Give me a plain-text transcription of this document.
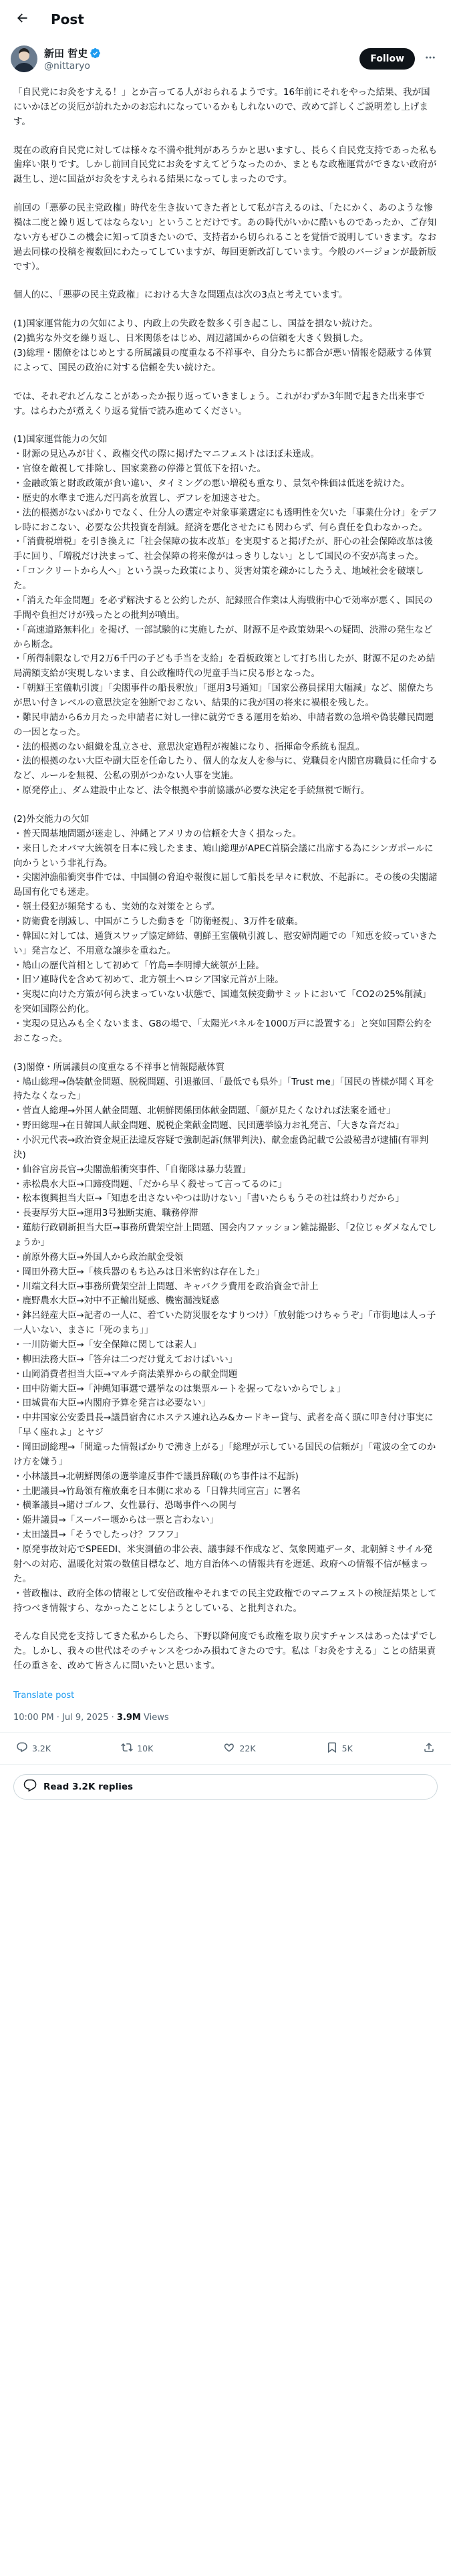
Post
新田 哲史
@nittaryo
Follow

「自民党にお灸をすえる！」とか言ってる人がおられるようです。16年前にそれをやった結果、我が国にいかほどの災厄が訪れたかのお忘れになっているかもしれないので、改めて詳しくご説明差し上げます。

現在の政府自民党に対しては様々な不満や批判があろうかと思いますし、長らく自民党支持であった私も歯痒い限りです。しかし前回自民党にお灸をすえてどうなったのか、まともな政権運営ができない政府が誕生し、逆に国益がお灸をすえられる結果になってしまったのです。

前回の「悪夢の民主党政権」時代を生き抜いてきた者として私が言えるのは、「たにかく、あのような惨禍は二度と繰り返してはならない」ということだけです。あの時代がいかに酷いものであったか、ご存知ない方もぜひこの機会に知って頂きたいので、支持者から切られることを覚悟で説明していきます。なお過去同様の投稿を複数回にわたってしていますが、毎回更新改訂しています。今般のバージョンが最新版です）。

個人的に、「悪夢の民主党政権」における大きな問題点は次の3点と考えています。

(1)国家運営能力の欠如により、内政上の失政を数多く引き起こし、国益を損ない続けた。
(2)拙劣な外交を繰り返し、日米関係をはじめ、周辺諸国からの信頼を大きく毀損した。
(3)総理・閣僚をはじめとする所属議員の度重なる不祥事や、自分たちに都合が悪い情報を隠蔽する体質によって、国民の政治に対する信頼を失い続けた。

では、それぞれどんなことがあったか振り返っていきましょう。これがわずか3年間で起きた出来事です。はらわたが煮えくり返る覚悟で読み進めてください。

(1)国家運営能力の欠如
・財源の見込みが甘く、政権交代の際に掲げたマニフェストはほぼ未達成。
・官僚を敵視して排除し、国家業務の停滞と質低下を招いた。
・金融政策と財政政策が食い違い、タイミングの悪い増税も重なり、景気や株価は低迷を続けた。
・歴史的水準まで進んだ円高を放置し、デフレを加速させた。
・法的根拠がないばかりでなく、仕分人の選定や対象事業選定にも透明性を欠いた「事業仕分け」をデフレ時におこない、必要な公共投資を削減。経済を悪化させたにも関わらず、何ら責任を負わなかった。
・「消費税増税」を引き換えに「社会保障の抜本改革」を実現すると掲げたが、肝心の社会保障改革は後手に回り、「増税だけ決まって、社会保障の将来像がはっきりしない」として国民の不安が高まった。
・「コンクリートから人へ」という誤った政策により、災害対策を疎かにしたうえ、地域社会を破壊した。
・「消えた年金問題」を必ず解決すると公約したが、記録照合作業は人海戦術中心で効率が悪く、国民の手間や負担だけが残ったとの批判が噴出。
・「高速道路無料化」を掲げ、一部試験的に実施したが、財源不足や政策効果への疑問、渋滞の発生などから断念。
・「所得制限なしで月2万6千円の子ども手当を支給」を看板政策として打ち出したが、財源不足のため結局満額支給が実現しないまま、自公政権時代の児童手当に戻る形となった。
・「朝鮮王室儀軌引渡」「尖閣事件の船長釈放」「運用3号通知」「国家公務員採用大幅減」など、閣僚たちが思い付きレベルの意思決定を独断でおこない、結果的に我が国の将来に禍根を残した。
・難民申請から6カ月たった申請者に対し一律に就労できる運用を始め、申請者数の急増や偽装難民問題の一因となった。
・法的根拠のない組織を乱立させ、意思決定過程が複雑になり、指揮命令系統も混乱。
・法的根拠のない大臣や副大臣を任命したり、個人的な友人を参与に、党職員を内閣官房職員に任命するなど、ルールを無視、公私の別がつかない人事を実施。
・原発停止」、ダム建設中止など、法令根拠や事前協議が必要な決定を手続無視で断行。

(2)外交能力の欠如
・普天間基地問題が迷走し、沖縄とアメリカの信頼を大きく損なった。
・来日したオバマ大統領を日本に残したまま、鳩山総理がAPEC首脳会議に出席する為にシンガポールに向かうという非礼行為。
・尖閣沖漁船衝突事件では、中国側の脅迫や報復に屈して船長を早々に釈放、不起訴に。その後の尖閣諸島国有化でも迷走。
・領土侵犯が頻発するも、実効的な対策をとらず。
・防衛費を削減し、中国がこうした動きを「防衛軽視」、3万件を破棄。
・韓国に対しては、通貨スワップ協定締結、朝鮮王室儀軌引渡し、慰安婦問題での「知恵を絞っていきたい」発言など、不用意な譲歩を重ねた。
・鳩山の歴代首相として初めて「竹島=李明博大統領が上陸。
・旧ソ連時代を含めて初めて、北方領土へロシア国家元首が上陸。
・実現に向けた方策が何ら決まっていない状態で、国連気候変動サミットにおいて「CO2の25%削減」を突如国際公約化。
・実現の見込みも全くないまま、G8の場で、「太陽光パネルを1000万戸に設置する」と突如国際公約をおこなった。

(3)閣僚・所属議員の度重なる不祥事と情報隠蔽体質
・鳩山総理→偽装献金問題、脱税問題、引退撤回、「最低でも県外」「Trust me」「国民の皆様が聞く耳を持たなくなった」
・菅直人総理→外国人献金問題、北朝鮮関係団体献金問題、「顔が見たくなければ法案を通せ」
・野田総理→在日韓国人献金問題、脱税企業献金問題、民団選挙協力お礼発言、「大きな音だね」
・小沢元代表→政治資金規正法違反容疑で強制起訴(無罪判決)、献金虚偽記載で公設秘書が逮捕(有罪判決)
・仙谷官房長官→尖閣漁船衝突事件、「自衛隊は暴力装置」
・赤松農水大臣→口蹄疫問題、「だから早く殺せって言ってるのに」
・松本復興担当大臣→「知恵を出さないやつは助けない」「書いたらもうその社は終わりだから」
・長妻厚労大臣→運用3号独断実施、職務停滞
・蓮舫行政刷新担当大臣→事務所費架空計上問題、国会内ファッション雑誌撮影、「2位じゃダメなんでしょうか」
・前原外務大臣→外国人から政治献金受領
・岡田外務大臣→「核兵器のもち込みは日米密約は存在した」
・川端文科大臣→事務所費架空計上問題、キャバクラ費用を政治資金で計上
・鹿野農水大臣→対中不正輸出疑惑、機密漏洩疑惑
・鉢呂経産大臣→記者の一人に、着ていた防災服をなすりつけ）「放射能つけちゃうぞ」「市街地は人っ子一人いない、まさに「死のまち」」
・一川防衛大臣→「安全保障に関しては素人」
・柳田法務大臣→「答弁は二つだけ覚えておけばいい」
・山岡消費者担当大臣→マルチ商法業界からの献金問題
・田中防衛大臣→「沖縄知事選で選挙なのは集票ルートを握ってないからでしょ」
・田城貴布大臣→内閣府予算を発言は必要ない」
・中井国家公安委員長→議員宿舎にホステス連れ込み&カードキー貸与、武者を高く頭に叩き付け事実に「早く座れよ」とヤジ
・岡田副総理→「間違った情報ばかりで沸き上がる」「総理が示している国民の信頼が」「電波の全てのかけ方を嫌う」
・小林議員→北朝鮮関係の選挙違反事件で議員辞職(のち事件は不起訴)
・土肥議員→竹島領有権放棄を日本側に求める「日韓共同宣言」に署名
・横峯議員→賭けゴルフ、女性暴行、恐喝事件への関与
・姫井議員→「スーパー堰からは一票と言わない」
・太田議員→「そうでしたっけ？フフフ」
・原発事故対応でSPEEDI、米実測値の非公表、議事録不作成など、気象関連データ、北朝鮮ミサイル発射への対応、温暖化対策の数値目標など、地方自治体への情報共有を遅延、政府への情報不信が極まった。
・菅政権は、政府全体の情報として安倍政権やそれまでの民主党政権でのマニフェストの検証結果として持つべき情報すら、なかったことにしようとしている、と批判された。

そんな自民党を支持してきた私からしたら、下野以降何度でも政権を取り戻すチャンスはあったはずでした。しかし、我々の世代はそのチャンスをつかみ損ねてきたのです。私は「お灸をすえる」ことの結果責任の重さを、改めて皆さんに問いたいと思います。

Translate post
10:00 PM · Jul 9, 2025 · 3.9M Views
3.2K	10K	22K	5K
Read 3.2K replies
